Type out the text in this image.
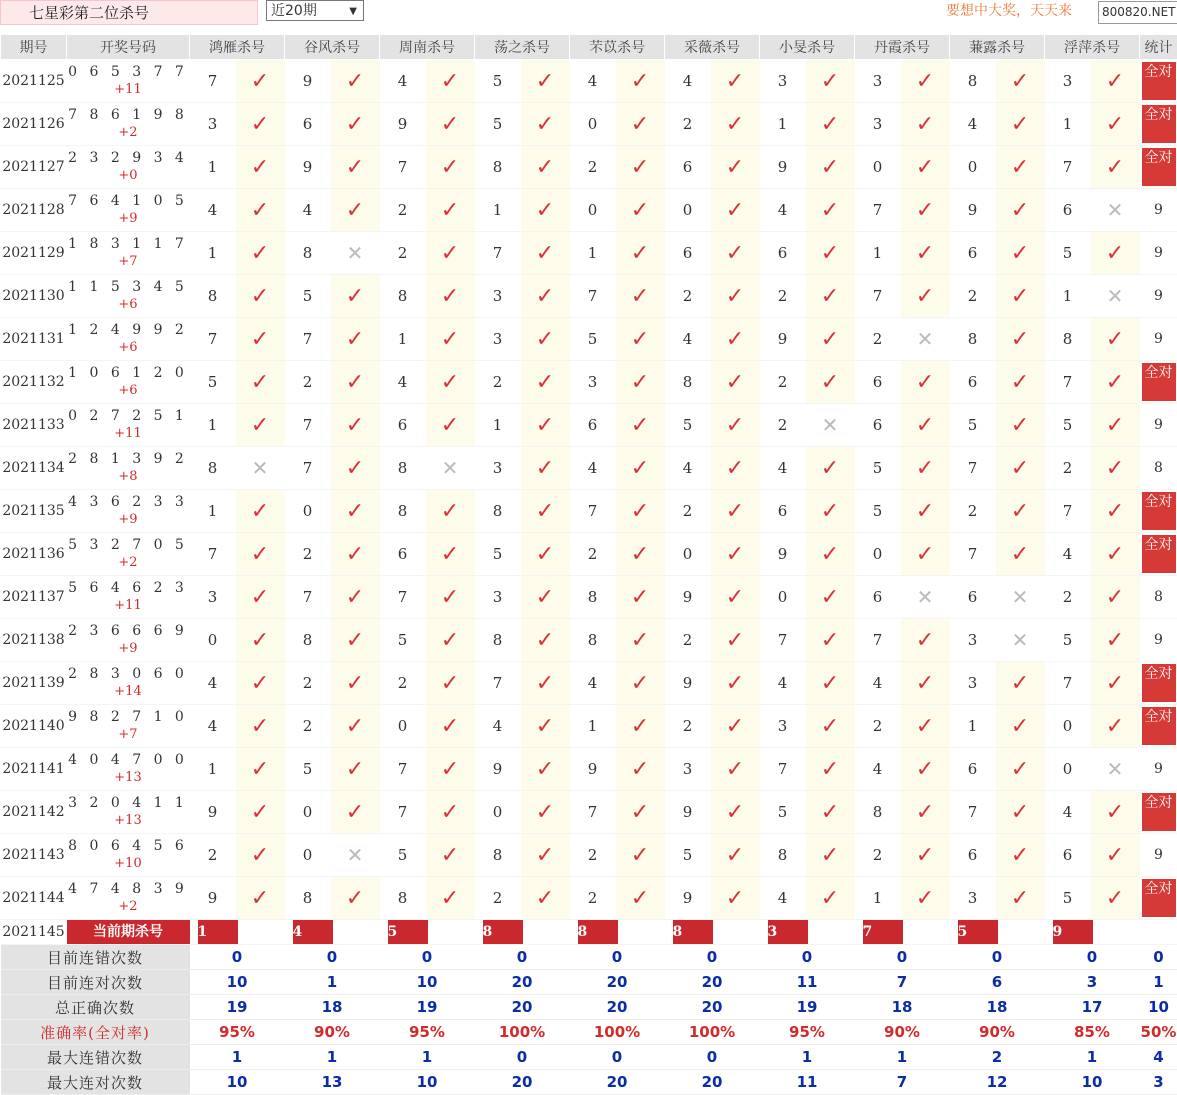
七星彩第二位杀号	近20期	▼	要想中大奖，天天来	800820.NET
期号	开奖号码	鸿雁杀号		谷风杀号		周南杀号		荡之杀号		芣苡杀号		采薇杀号		小旻杀号		丹霞杀号		蒹露杀号		浮萍杀号		统计
2021125	0 6 5 3 7 7
+11	7	✓	9	✓	4	✓	5	✓	4	✓	4	✓	3	✓	3	✓	8	✓	3	✓	全对
2021126	7 8 6 1 9 8
+2	3	✓	6	✓	9	✓	5	✓	0	✓	2	✓	1	✓	3	✓	4	✓	1	✓	全对
2021127	2 3 2 9 3 4
+0	1	✓	9	✓	7	✓	8	✓	2	✓	6	✓	9	✓	0	✓	0	✓	7	✓	全对
2021128	7 6 4 1 0 5
+9	4	✓	4	✓	2	✓	1	✓	0	✓	0	✓	4	✓	7	✓	9	✓	6	✕	9
2021129	1 8 3 1 1 7
+7	1	✓	8	✕	2	✓	7	✓	1	✓	6	✓	6	✓	1	✓	6	✓	5	✓	9
2021130	1 1 5 3 4 5
+6	8	✓	5	✓	8	✓	3	✓	7	✓	2	✓	2	✓	7	✓	2	✓	1	✕	9
2021131	1 2 4 9 9 2
+6	7	✓	7	✓	1	✓	3	✓	5	✓	4	✓	9	✓	2	✕	8	✓	8	✓	9
2021132	1 0 6 1 2 0
+6	5	✓	2	✓	4	✓	2	✓	3	✓	8	✓	2	✓	6	✓	6	✓	7	✓	全对
2021133	0 2 7 2 5 1
+11	1	✓	7	✓	6	✓	1	✓	6	✓	5	✓	2	✕	6	✓	5	✓	5	✓	9
2021134	2 8 1 3 9 2
+8	8	✕	7	✓	8	✕	3	✓	4	✓	4	✓	4	✓	5	✓	7	✓	2	✓	8
2021135	4 3 6 2 3 3
+9	1	✓	0	✓	8	✓	8	✓	7	✓	2	✓	6	✓	5	✓	2	✓	7	✓	全对
2021136	5 3 2 7 0 5
+2	7	✓	2	✓	6	✓	5	✓	2	✓	0	✓	9	✓	0	✓	7	✓	4	✓	全对
2021137	5 6 4 6 2 3
+11	3	✓	7	✓	7	✓	3	✓	8	✓	9	✓	0	✓	6	✕	6	✕	2	✓	8
2021138	2 3 6 6 6 9
+9	0	✓	8	✓	5	✓	8	✓	8	✓	2	✓	7	✓	7	✓	3	✕	5	✓	9
2021139	2 8 3 0 6 0
+14	4	✓	2	✓	2	✓	7	✓	4	✓	9	✓	4	✓	4	✓	3	✓	7	✓	全对
2021140	9 8 2 7 1 0
+7	4	✓	2	✓	0	✓	4	✓	1	✓	2	✓	3	✓	2	✓	1	✓	0	✓	全对
2021141	4 0 4 7 0 0
+13	1	✓	5	✓	7	✓	9	✓	9	✓	3	✓	7	✓	4	✓	6	✓	0	✕	9
2021142	3 2 0 4 1 1
+13	9	✓	0	✓	7	✓	0	✓	7	✓	9	✓	5	✓	8	✓	7	✓	4	✓	全对
2021143	8 0 6 4 5 6
+10	2	✓	0	✕	5	✓	8	✓	2	✓	5	✓	8	✓	2	✓	6	✓	6	✓	9
2021144	4 7 4 8 3 9
+2	9	✓	8	✓	8	✓	2	✓	2	✓	9	✓	4	✓	1	✓	3	✓	5	✓	全对
2021145	当前期杀号	1		4		5		8		8		8		3		7		5		9		
目前连错次数		0		0		0		0		0		0		0		0		0		0		0
目前连对次数		10		1		10		20		20		20		11		7		6		3		1
总正确次数		19		18		19		20		20		20		19		18		18		17		10
准确率(全对率)		95%		90%		95%		100%		100%		100%		95%		90%		90%		85%		50%
最大连错次数		1		1		1		0		0		0		1		1		2		1		4
最大连对次数		10		13		10		20		20		20		11		7		12		10		3
